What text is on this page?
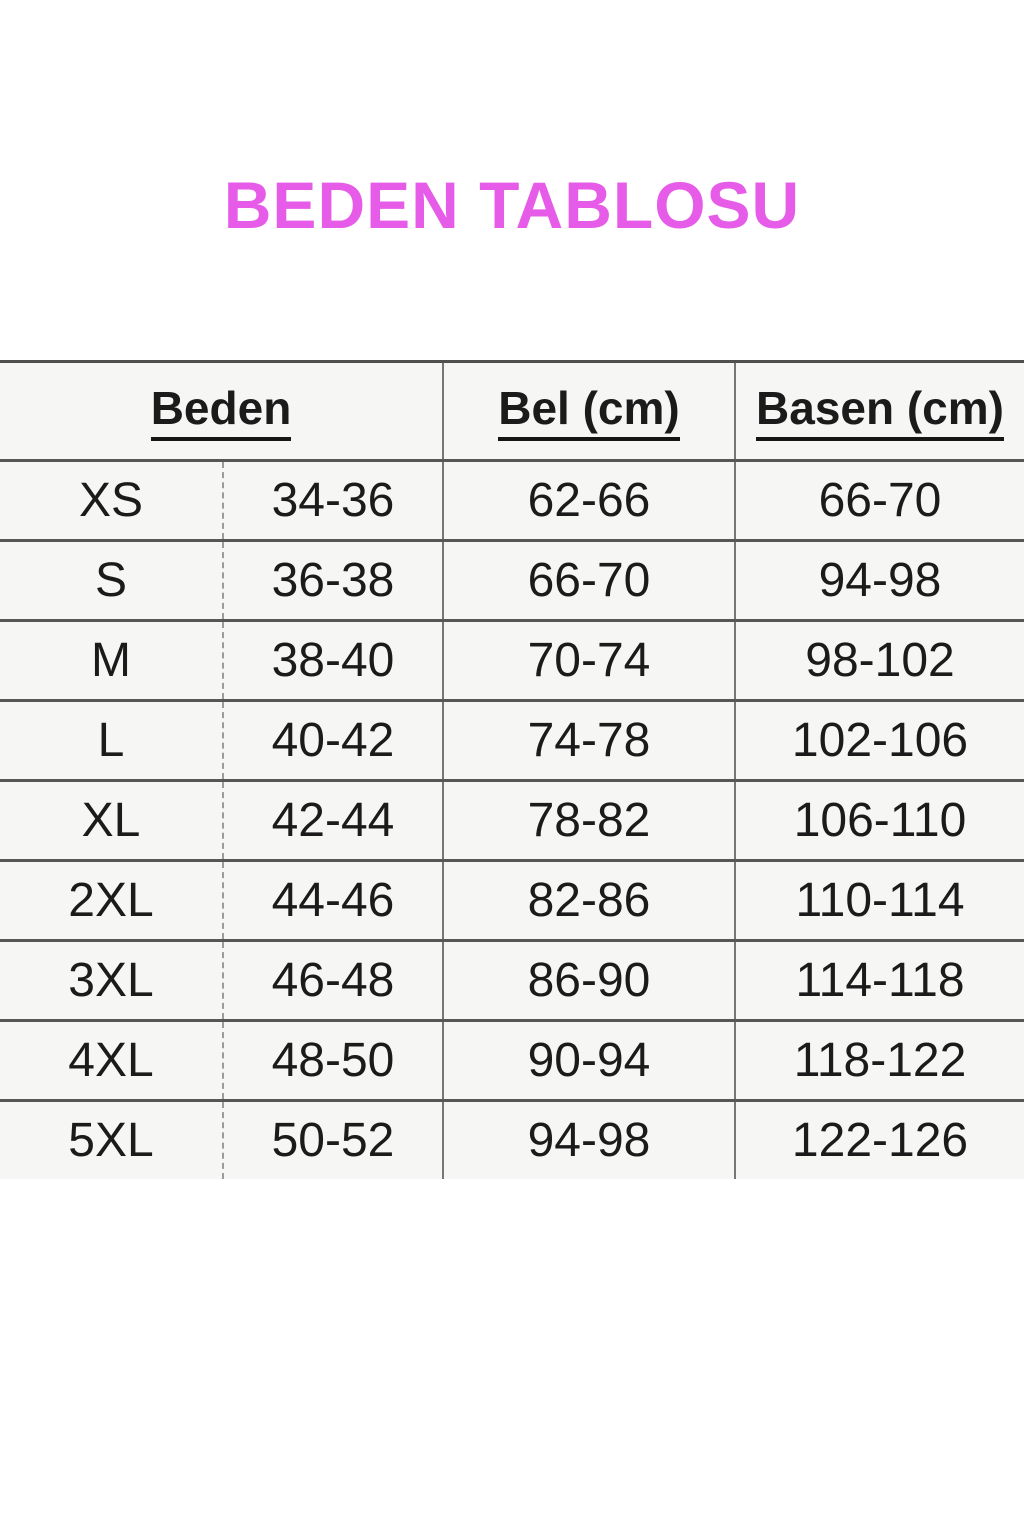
BEDEN TABLOSU
Beden		Bel (cm)	Basen (cm)
XS	34-36	62-66	66-70
S	36-38	66-70	94-98
M	38-40	70-74	98-102
L	40-42	74-78	102-106
XL	42-44	78-82	106-110
2XL	44-46	82-86	110-114
3XL	46-48	86-90	114-118
4XL	48-50	90-94	118-122
5XL	50-52	94-98	122-126
